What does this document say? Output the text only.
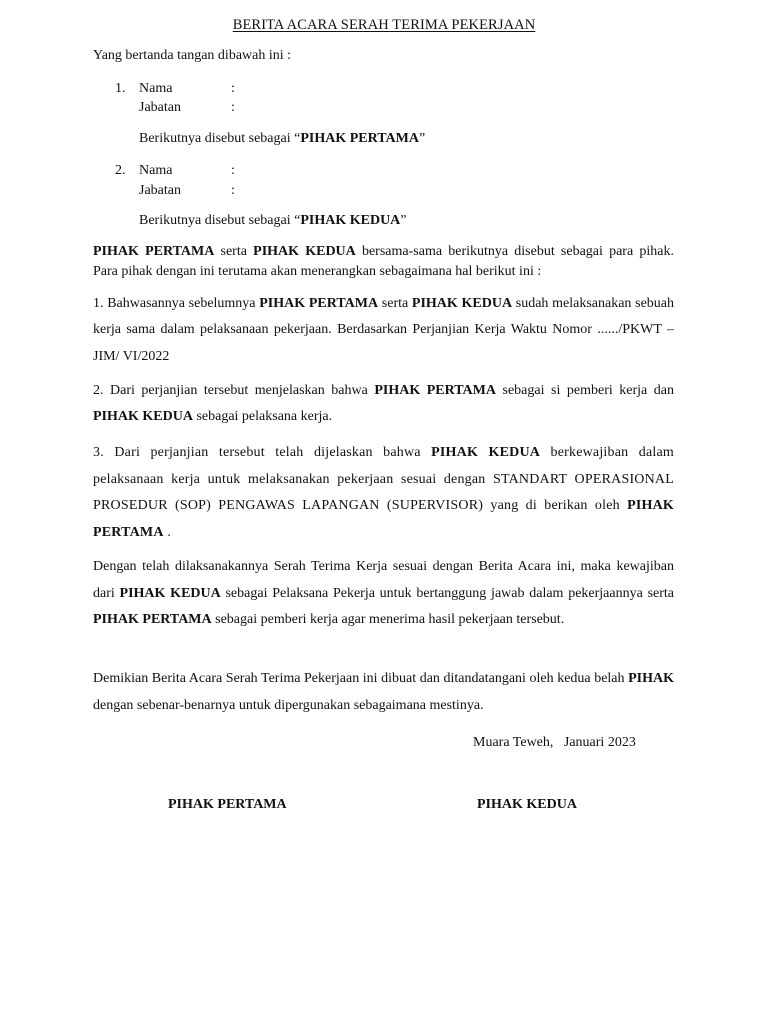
BERITA ACARA SERAH TERIMA PEKERJAAN
Yang bertanda tangan dibawah ini :
1. Nama	:
Jabatan	:
Berikutnya disebut sebagai “PIHAK PERTAMA”
2. Nama	:
Jabatan	:
Berikutnya disebut sebagai “PIHAK KEDUA”
PIHAK PERTAMA serta PIHAK KEDUA bersama-sama berikutnya disebut sebagai para pihak. Para pihak dengan ini terutama akan menerangkan sebagaimana hal berikut ini :
1. Bahwasannya sebelumnya PIHAK PERTAMA serta PIHAK KEDUA sudah melaksanakan sebuah kerja sama dalam pelaksanaan pekerjaan. Berdasarkan Perjanjian Kerja Waktu Nomor ....../PKWT – JIM/ VI/2022
2. Dari perjanjian tersebut menjelaskan bahwa PIHAK PERTAMA sebagai si pemberi kerja dan PIHAK KEDUA sebagai pelaksana kerja.
3. Dari perjanjian tersebut telah dijelaskan bahwa PIHAK KEDUA berkewajiban dalam pelaksanaan kerja untuk melaksanakan pekerjaan sesuai dengan STANDART OPERASIONAL PROSEDUR (SOP) PENGAWAS LAPANGAN (SUPERVISOR) yang di berikan oleh PIHAK PERTAMA .
Dengan telah dilaksanakannya Serah Terima Kerja sesuai dengan Berita Acara ini, maka kewajiban dari PIHAK KEDUA sebagai Pelaksana Pekerja untuk bertanggung jawab dalam pekerjaannya serta PIHAK PERTAMA sebagai pemberi kerja agar menerima hasil pekerjaan tersebut.
Demikian Berita Acara Serah Terima Pekerjaan ini dibuat dan ditandatangani oleh kedua belah PIHAK dengan sebenar-benarnya untuk dipergunakan sebagaimana mestinya.
Muara Teweh,   Januari 2023
PIHAK PERTAMA	PIHAK KEDUA
